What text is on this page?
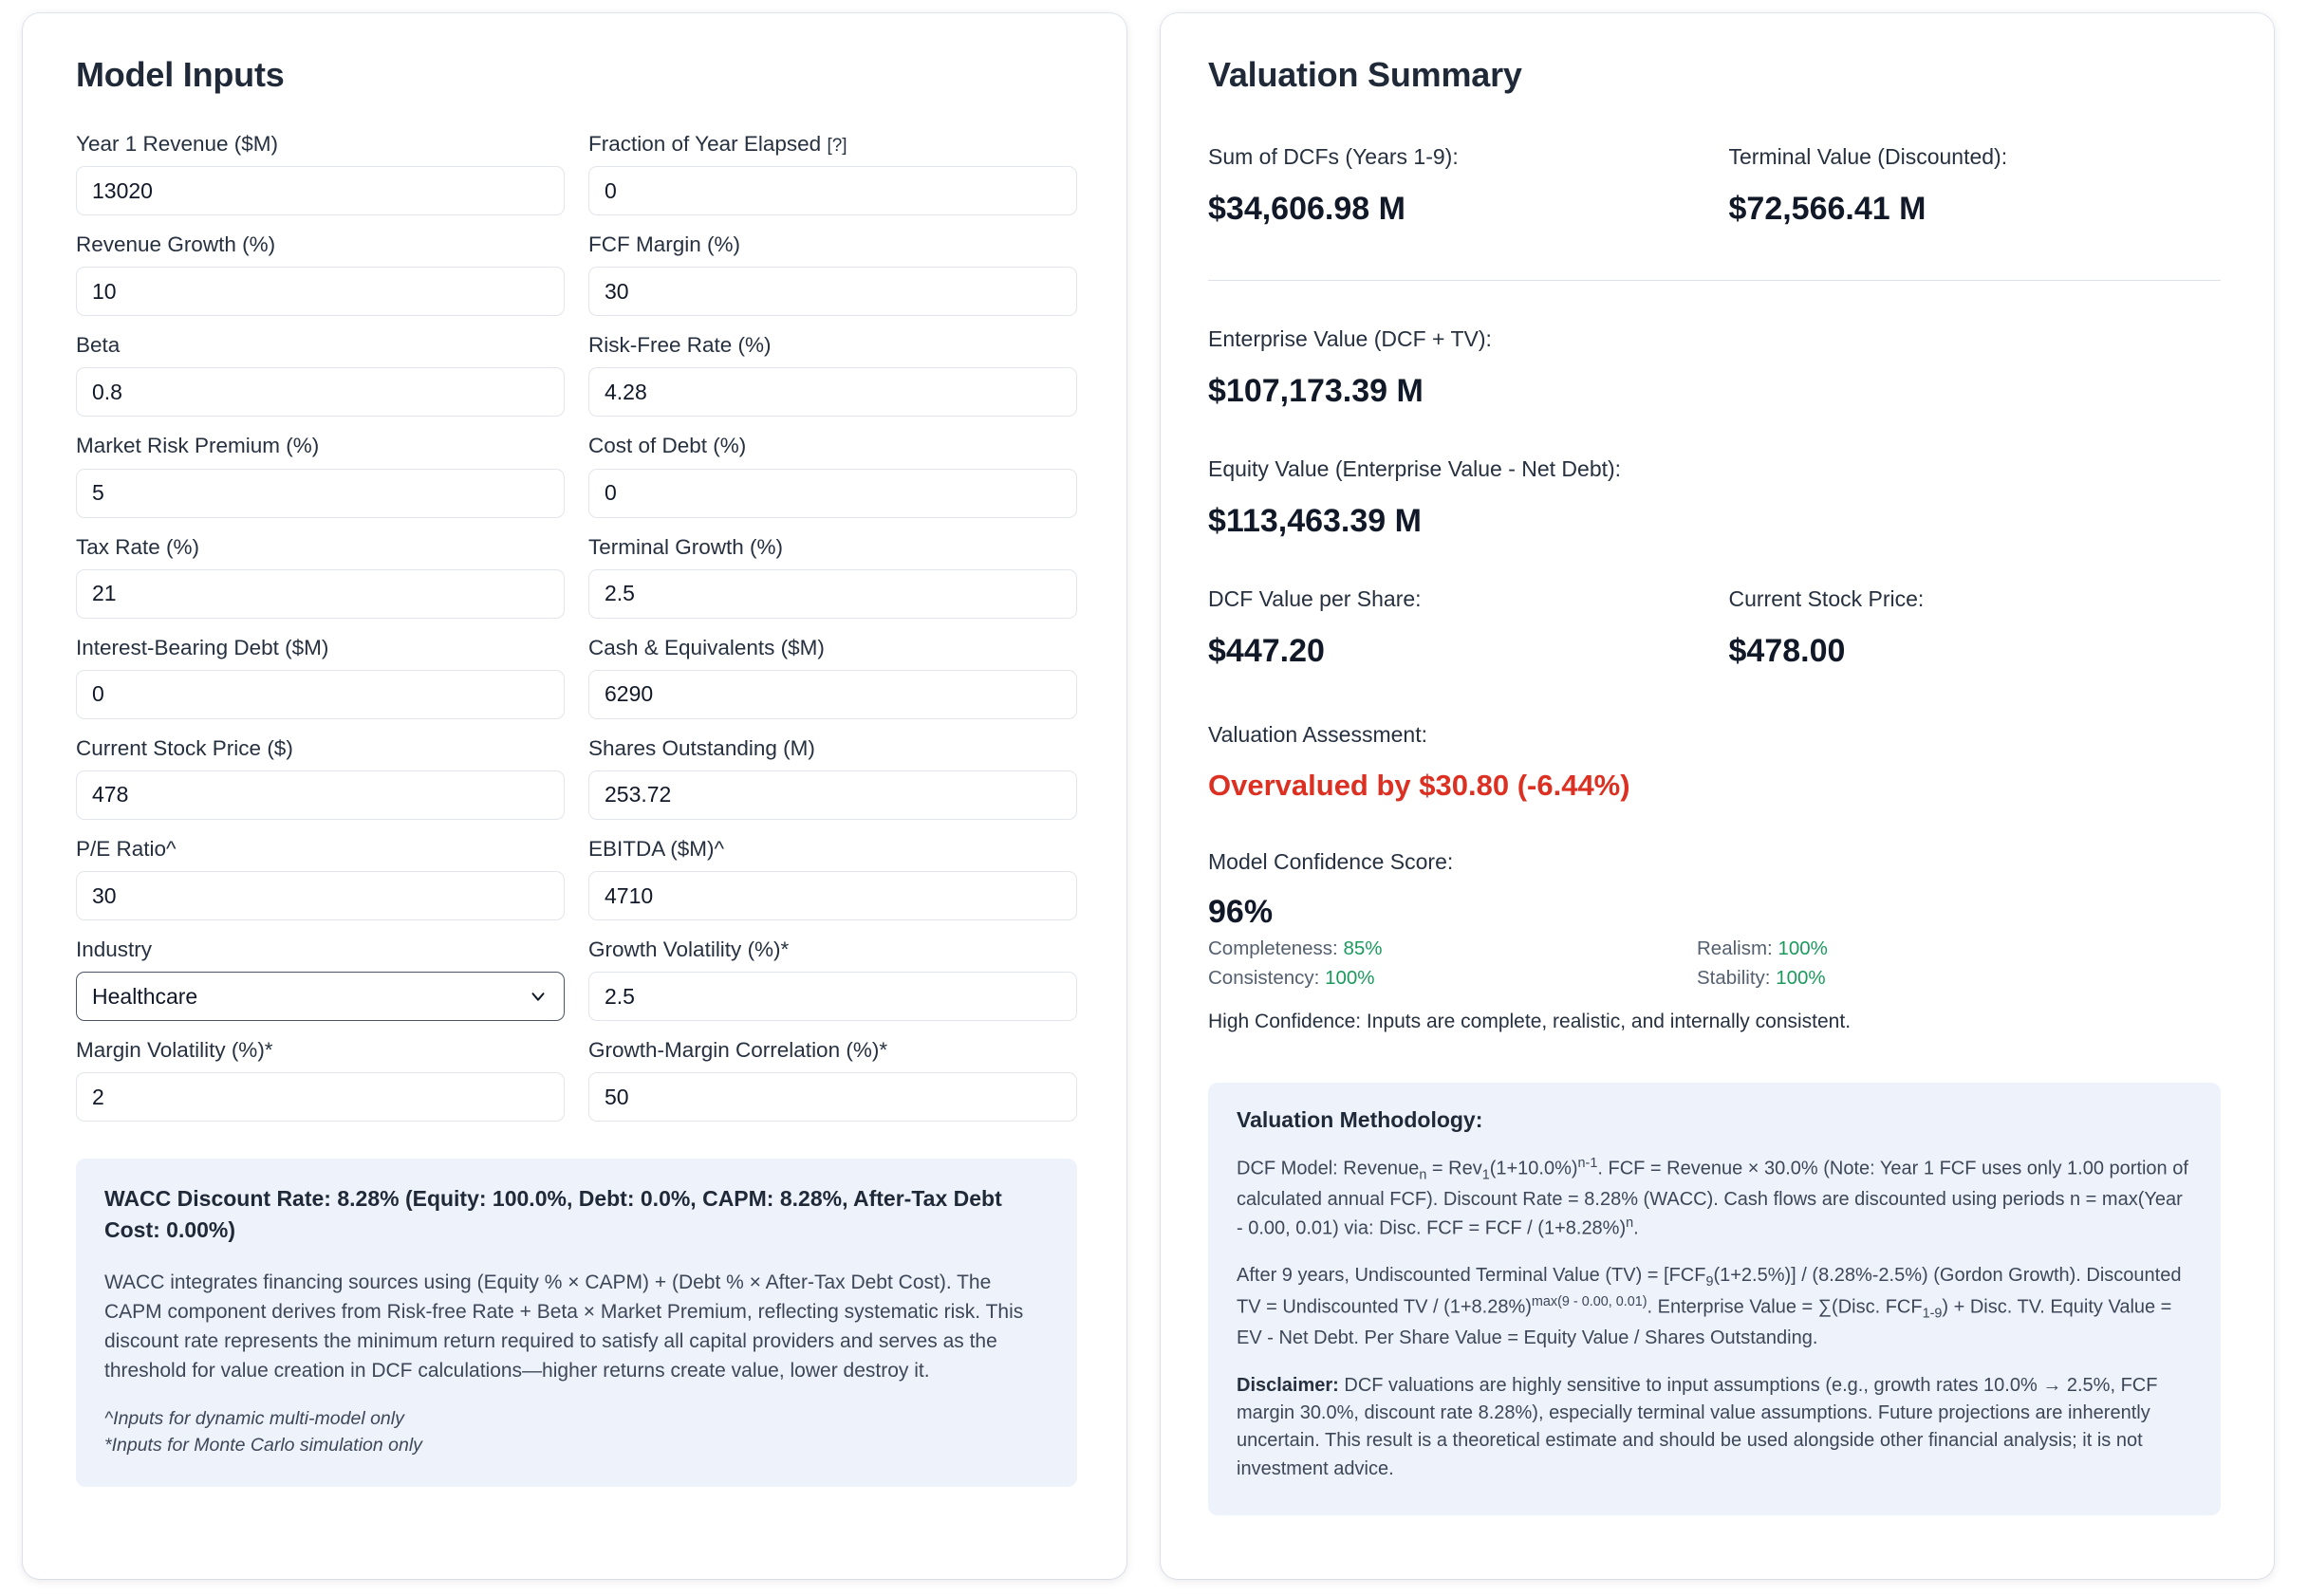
Model Inputs
Year 1 Revenue ($M)
13020
Fraction of Year Elapsed [?]
0
Revenue Growth (%)
10
FCF Margin (%)
30
Beta
0.8
Risk-Free Rate (%)
4.28
Market Risk Premium (%)
5
Cost of Debt (%)
0
Tax Rate (%)
21
Terminal Growth (%)
2.5
Interest-Bearing Debt ($M)
0
Cash & Equivalents ($M)
6290
Current Stock Price ($)
478
Shares Outstanding (M)
253.72
P/E Ratio^
30
EBITDA ($M)^
4710
Industry
Healthcare
Growth Volatility (%)*
2.5
Margin Volatility (%)*
2
Growth-Margin Correlation (%)*
50
WACC Discount Rate: 8.28% (Equity: 100.0%, Debt: 0.0%, CAPM: 8.28%, After-Tax Debt Cost: 0.00%)
WACC integrates financing sources using (Equity % × CAPM) + (Debt % × After-Tax Debt Cost). The CAPM component derives from Risk-free Rate + Beta × Market Premium, reflecting systematic risk. This discount rate represents the minimum return required to satisfy all capital providers and serves as the threshold for value creation in DCF calculations—higher returns create value, lower destroy it.
^Inputs for dynamic multi-model only
*Inputs for Monte Carlo simulation only
Valuation Summary
Sum of DCFs (Years 1-9):
$34,606.98 M
Terminal Value (Discounted):
$72,566.41 M
Enterprise Value (DCF + TV):
$107,173.39 M
Equity Value (Enterprise Value - Net Debt):
$113,463.39 M
DCF Value per Share:
$447.20
Current Stock Price:
$478.00
Valuation Assessment:
Overvalued by $30.80 (-6.44%)
Model Confidence Score:
96%
Completeness: 85%	Realism: 100%
Consistency: 100%	Stability: 100%
High Confidence: Inputs are complete, realistic, and internally consistent.
Valuation Methodology:

DCF Model: Revenue$_n$ = $Rev_1(1+10.0\%)^{n-1}$. FCF = Revenue × 30.0% (Note: Year 1 FCF uses only 1.00 portion of calculated annual FCF). Discount Rate = 8.28% (WACC). Cash flows are discounted using periods n = max(Year - 0.00, 0.01) via: Disc. FCF = FCF / $(1+8.28\%)^n$.

After 9 years, Undiscounted Terminal Value $(TV) = [FCF_9(1+2.5\%)] / (8.28\%-2.5\%)$ (Gordon Growth). Discounted TV = Undiscounted TV / $(1+8.28\%)^{max(9 - 0.00, 0.01)}$. Enterprise Value = ∑(Disc. $FCF_{1-9}$) + Disc. TV. Equity Value = EV - Net Debt. Per Share Value = Equity Value / Shares Outstanding.

Disclaimer: DCF valuations are highly sensitive to input assumptions (e.g., growth rates 10.0% → 2.5%, FCF margin 30.0%, discount rate 8.28%), especially terminal value assumptions. Future projections are inherently uncertain. This result is a theoretical estimate and should be used alongside other financial analysis; it is not investment advice.
